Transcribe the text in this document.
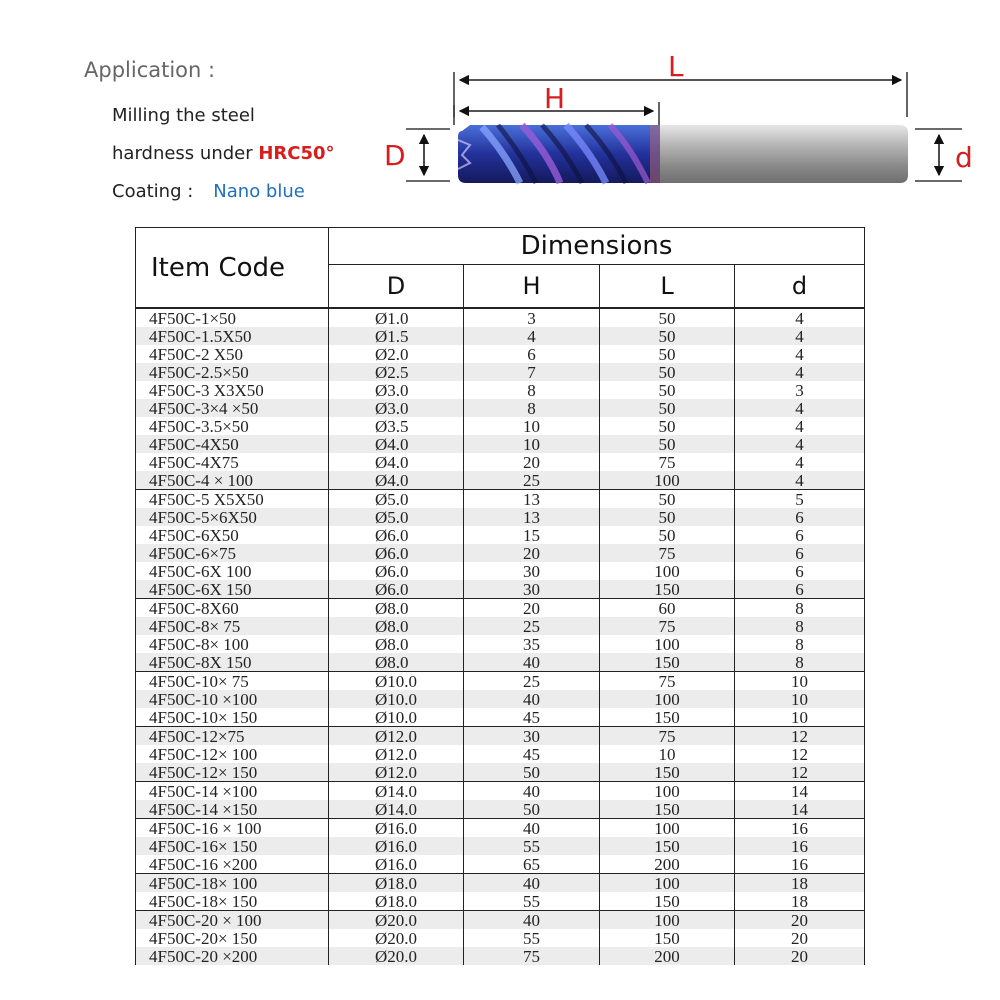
Application :
Milling the steel
hardness under HRC50°
Coating : Nano blue
L
H
D	d
Item Code	Dimensions			
	D	H	L	d
4F50C-1×50	Ø1.0	3	50	4
4F50C-1.5X50	Ø1.5	4	50	4
4F50C-2 X50	Ø2.0	6	50	4
4F50C-2.5×50	Ø2.5	7	50	4
4F50C-3 X3X50	Ø3.0	8	50	3
4F50C-3×4 ×50	Ø3.0	8	50	4
4F50C-3.5×50	Ø3.5	10	50	4
4F50C-4X50	Ø4.0	10	50	4
4F50C-4X75	Ø4.0	20	75	4
4F50C-4 × 100	Ø4.0	25	100	4
4F50C-5 X5X50	Ø5.0	13	50	5
4F50C-5×6X50	Ø5.0	13	50	6
4F50C-6X50	Ø6.0	15	50	6
4F50C-6×75	Ø6.0	20	75	6
4F50C-6X 100	Ø6.0	30	100	6
4F50C-6X 150	Ø6.0	30	150	6
4F50C-8X60	Ø8.0	20	60	8
4F50C-8× 75	Ø8.0	25	75	8
4F50C-8× 100	Ø8.0	35	100	8
4F50C-8X 150	Ø8.0	40	150	8
4F50C-10× 75	Ø10.0	25	75	10
4F50C-10 ×100	Ø10.0	40	100	10
4F50C-10× 150	Ø10.0	45	150	10
4F50C-12×75	Ø12.0	30	75	12
4F50C-12× 100	Ø12.0	45	10	12
4F50C-12× 150	Ø12.0	50	150	12
4F50C-14 ×100	Ø14.0	40	100	14
4F50C-14 ×150	Ø14.0	50	150	14
4F50C-16 × 100	Ø16.0	40	100	16
4F50C-16× 150	Ø16.0	55	150	16
4F50C-16 ×200	Ø16.0	65	200	16
4F50C-18× 100	Ø18.0	40	100	18
4F50C-18× 150	Ø18.0	55	150	18
4F50C-20 × 100	Ø20.0	40	100	20
4F50C-20× 150	Ø20.0	55	150	20
4F50C-20 ×200	Ø20.0	75	200	20
